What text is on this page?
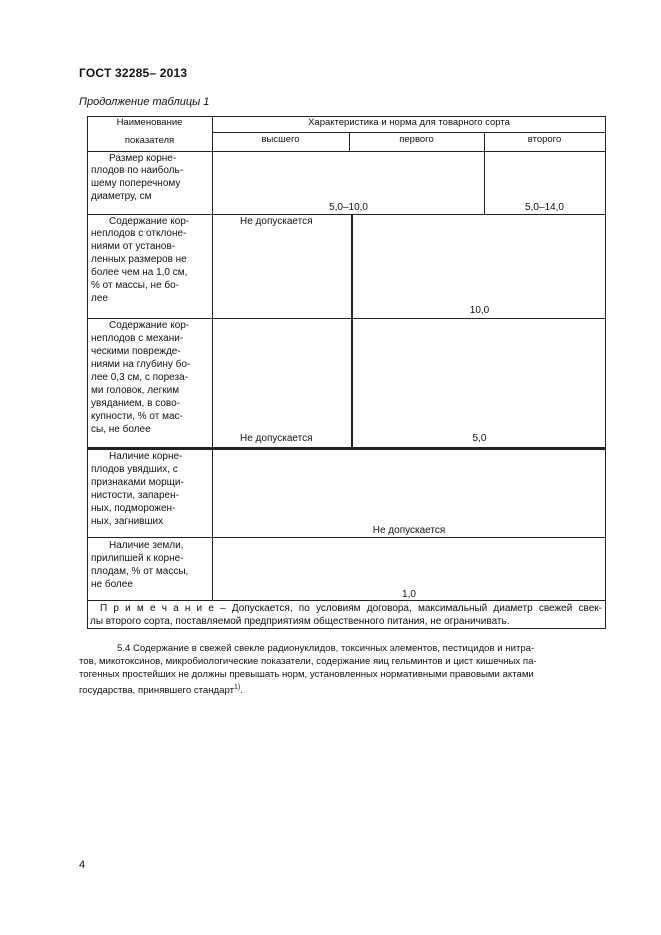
ГОСТ 32285– 2013
Продолжение таблицы 1
Наименование
показателя
Характеристика и норма для товарного сорта
высшего	первого	второго
Размер корне-
плодов по наиболь-
шему поперечному
диаметру, см
5,0–10,0	5,0–14,0
Содержание кор-
неплодов с отклоне-
ниями от установ-
ленных размеров не
более чем на 1,0 см,
% от массы, не бо-
лее
Не допускается
10,0
Содержание кор-
неплодов с механи-
ческими поврежде-
ниями на глубину бо-
лее 0,3 см, с пореза-
ми головок, легким
увяданием, в сово-
купности, % от мас-
сы, не более
Не допускается	5,0
Наличие корне-
плодов увядших, с
признаками морщи-
нистости, запарен-
ных, подморожен-
ных, загнивших
Не допускается
Наличие земли,
прилипшей к корне-
плодам, % от массы,
не более
1,0
П р и м е ч а н и е – Допускается, по условиям договора, максимальный диаметр свежей свек-
лы второго сорта, поставляемой предприятиям общественного питания, не ограничивать.
5.4 Содержание в свежей свекле радионуклидов, токсичных элементов, пестицидов и нитра-
тов, микотоксинов, микробиологические показатели, содержание яиц гельминтов и цист кишечных па-
тогенных простейших не должны превышать норм, установленных нормативными правовыми актами
государства, принявшего стандарт$^{1)}$.
4
